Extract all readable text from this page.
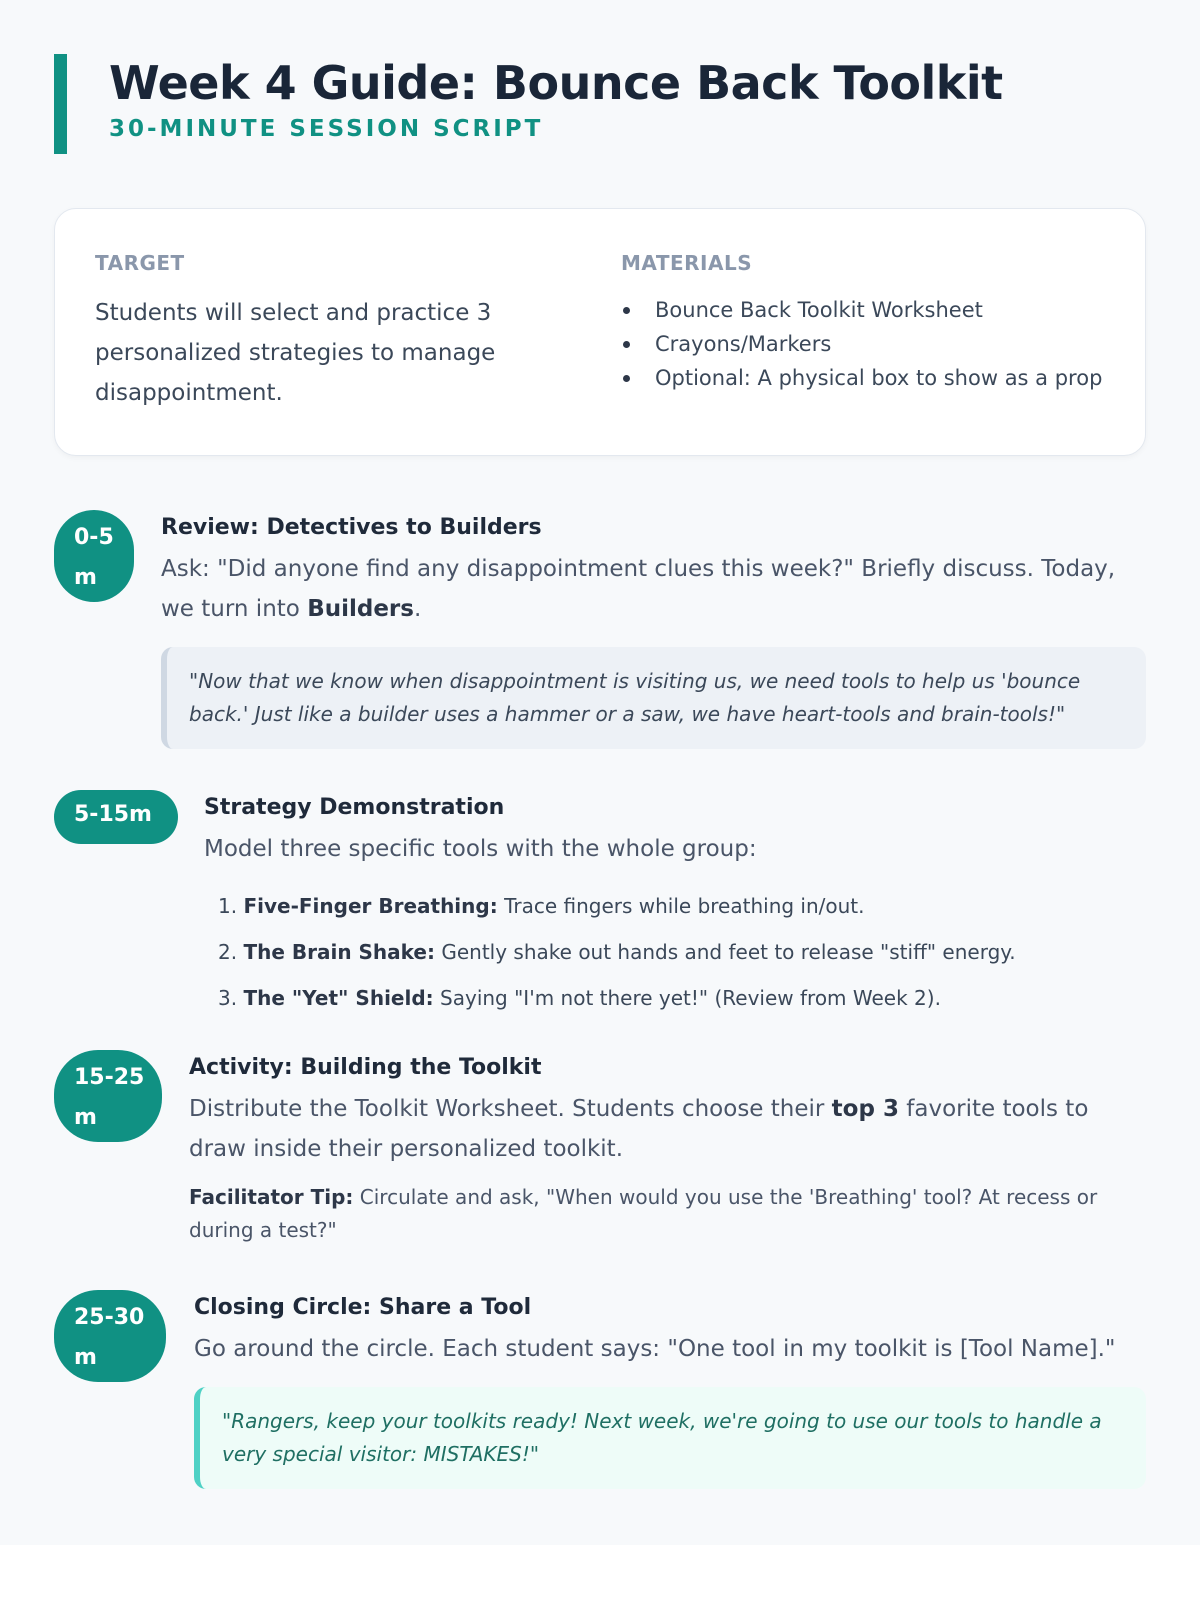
Week 4 Guide: Bounce Back Toolkit
30-MINUTE SESSION SCRIPT
TARGET
Students will select and practice 3 personalized strategies to manage disappointment.
MATERIALS
Bounce Back Toolkit Worksheet
Crayons/Markers
Optional: A physical box to show as a prop
0-5m
Review: Detectives to Builders
Ask: "Did anyone find any disappointment clues this week?" Briefly discuss. Today, we turn into Builders.
"Now that we know when disappointment is visiting us, we need tools to help us 'bounce back.' Just like a builder uses a hammer or a saw, we have heart-tools and brain-tools!"
5-15m	Strategy Demonstration
Model three specific tools with the whole group:
1. Five-Finger Breathing: Trace fingers while breathing in/out.
2. The Brain Shake: Gently shake out hands and feet to release "stiff" energy.
3. The "Yet" Shield: Saying "I'm not there yet!" (Review from Week 2).
15-25m
Activity: Building the Toolkit
Distribute the Toolkit Worksheet. Students choose their top 3 favorite tools to draw inside their personalized toolkit.
Facilitator Tip: Circulate and ask, "When would you use the 'Breathing' tool? At recess or during a test?"
25-30m
Closing Circle: Share a Tool
Go around the circle. Each student says: "One tool in my toolkit is [Tool Name]."
"Rangers, keep your toolkits ready! Next week, we're going to use our tools to handle a very special visitor: MISTAKES!"
